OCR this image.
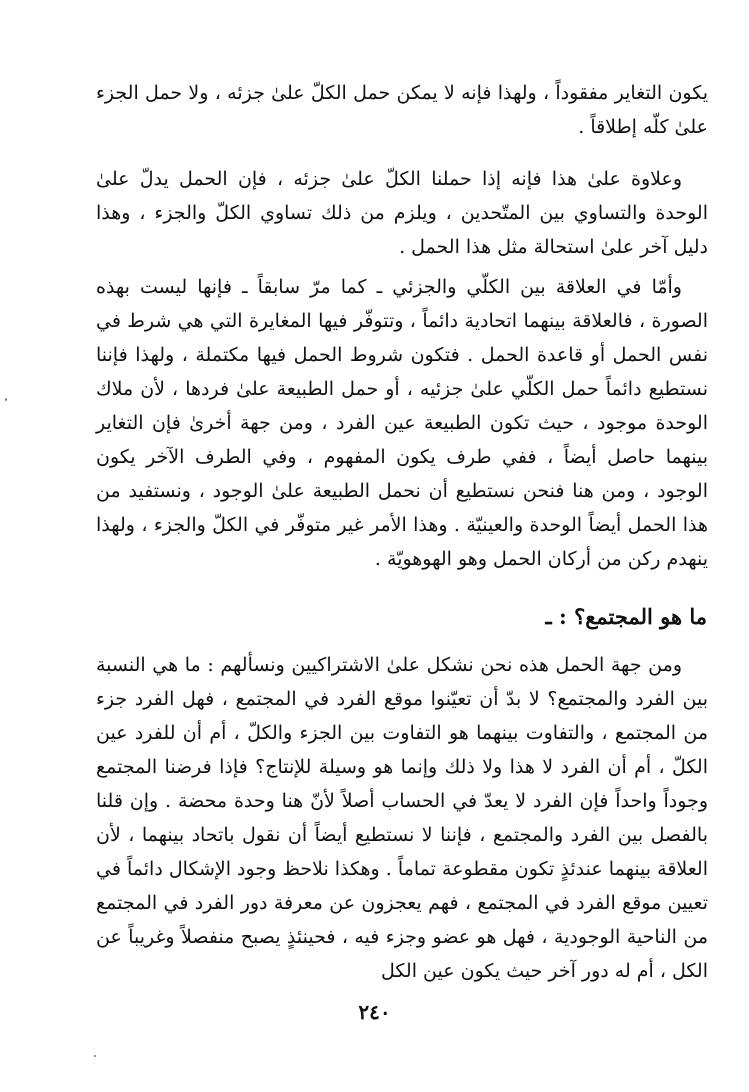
يكون التغاير مفقوداً ، ولهذا فإنه لا يمكن حمل الكلّ علىٰ جزئه ، ولا حمل الجزء علىٰ كلّه إطلاقاً .

وعلاوة علىٰ هذا فإنه إذا حملنا الكلّ علىٰ جزئه ، فإن الحمل يدلّ علىٰ الوحدة والتساوي بين المتّحدين ، ويلزم من ذلك تساوي الكلّ والجزء ، وهذا دليل آخر علىٰ استحالة مثل هذا الحمل .

وأمّا في العلاقة بين الكلّي والجزئي ـ كما مرّ سابقاً ـ فإنها ليست بهذه الصورة ، فالعلاقة بينهما اتحادية دائماً ، وتتوفّر فيها المغايرة التي هي شرط في نفس الحمل أو قاعدة الحمل . فتكون شروط الحمل فيها مكتملة ، ولهذا فإننا نستطيع دائماً حمل الكلّي علىٰ جزئيه ، أو حمل الطبيعة علىٰ فردها ، لأن ملاك الوحدة موجود ، حيث تكون الطبيعة عين الفرد ، ومن جهة أخرىٰ فإن التغاير بينهما حاصل أيضاً ، ففي طرف يكون المفهوم ، وفي الطرف الآخر يكون الوجود ، ومن هنا فنحن نستطيع أن نحمل الطبيعة علىٰ الوجود ، ونستفيد من هذا الحمل أيضاً الوحدة والعينيّة . وهذا الأمر غير متوفّر في الكلّ والجزء ، ولهذا ينهدم ركن من أركان الحمل وهو الهوهويّة .

ما هو المجتمع؟ : ـ

ومن جهة الحمل هذه نحن نشكل علىٰ الاشتراكيين ونسألهم : ما هي النسبة بين الفرد والمجتمع؟ لا بدّ أن تعيّنوا موقع الفرد في المجتمع ، فهل الفرد جزء من المجتمع ، والتفاوت بينهما هو التفاوت بين الجزء والكلّ ، أم أن للفرد عين الكلّ ، أم أن الفرد لا هذا ولا ذلك وإنما هو وسيلة للإنتاج؟ فإذا فرضنا المجتمع وجوداً واحداً فإن الفرد لا يعدّ في الحساب أصلاً لأنّ هنا وحدة محضة . وإن قلنا بالفصل بين الفرد والمجتمع ، فإننا لا نستطيع أيضاً أن نقول باتحاد بينهما ، لأن العلاقة بينهما عندئذٍ تكون مقطوعة تماماً . وهكذا نلاحظ وجود الإشكال دائماً في تعيين موقع الفرد في المجتمع ، فهم يعجزون عن معرفة دور الفرد في المجتمع من الناحية الوجودية ، فهل هو عضو وجزء فيه ، فحينئذٍ يصبح منفصلاً وغريباً عن الكل ، أم له دور آخر حيث يكون عين الكل

٢٤٠
